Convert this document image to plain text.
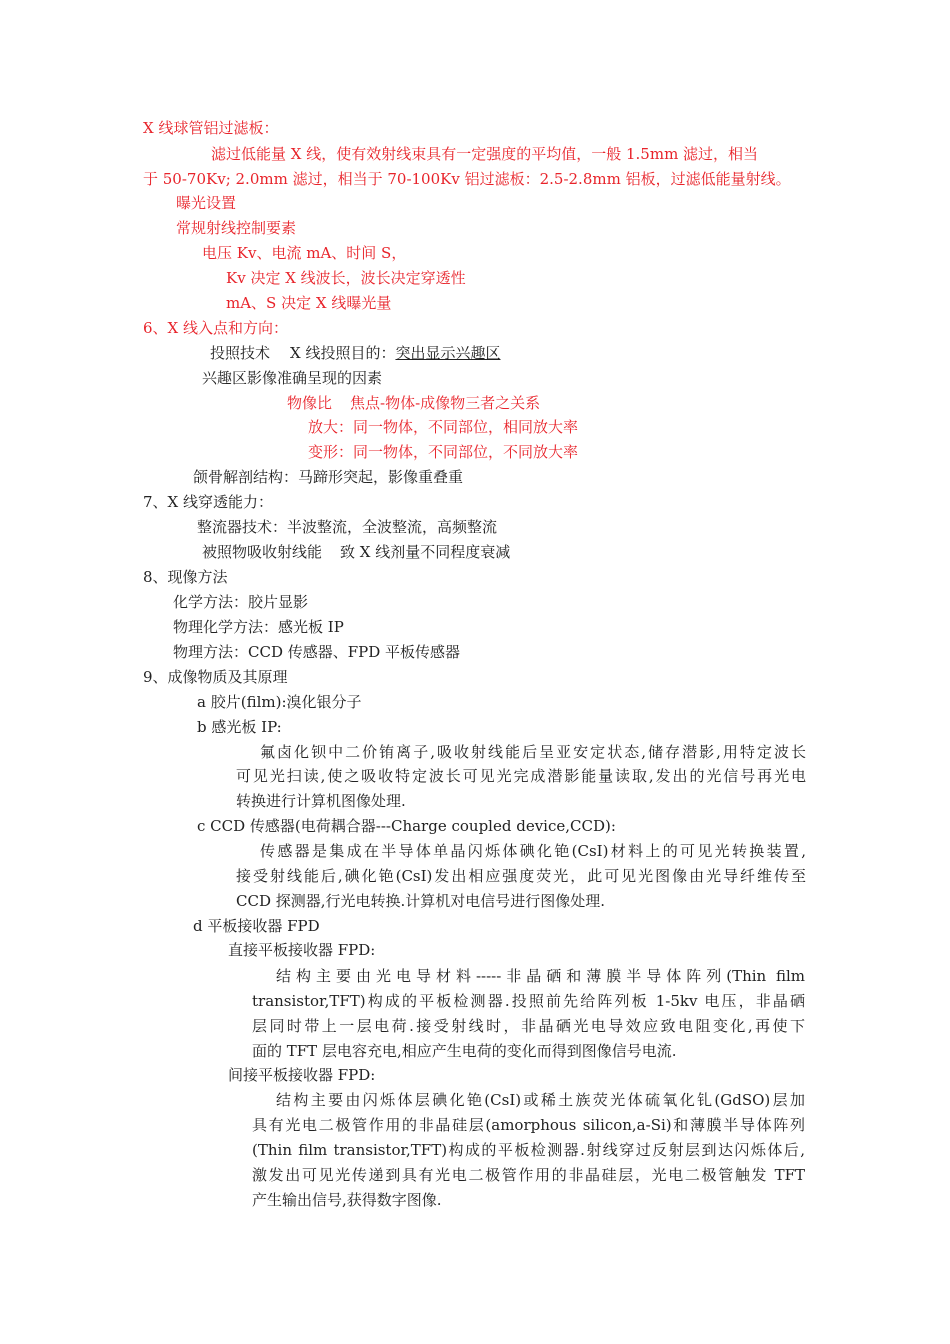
X 线球管铝过滤板：
滤过低能量 X 线，使有效射线束具有一定强度的平均值，一般 1.5mm 滤过，相当
于 50-70Kv; 2.0mm 滤过，相当于 70-100Kv 铝过滤板：2.5-2.8mm 铝板，过滤低能量射线。
曝光设置
常规射线控制要素
电压 Kv、电流 mA、时间 S，
Kv 决定 X 线波长，波长决定穿透性
mA、S 决定 X 线曝光量
6、X 线入点和方向：
投照技术 X 线投照目的：突出显示兴趣区
兴趣区影像准确呈现的因素
物像比 焦点-物体-成像物三者之关系
放大：同一物体，不同部位，相同放大率
变形：同一物体，不同部位，不同放大率
颌骨解剖结构：马蹄形突起，影像重叠重
7、X 线穿透能力：
整流器技术：半波整流，全波整流，高频整流
被照物吸收射线能 致 X 线剂量不同程度衰减
8、现像方法
化学方法：胶片显影
物理化学方法：感光板 IP
物理方法：CCD 传感器、FPD 平板传感器
9、成像物质及其原理
a 胶片(film):溴化银分子
b 感光板 IP:
氟卤化钡中二价铕离子,吸收射线能后呈亚安定状态,储存潜影,用特定波长
可见光扫读,使之吸收特定波长可见光完成潜影能量读取,发出的光信号再光电
转换进行计算机图像处理.
c CCD 传感器(电荷耦合器---Charge coupled device,CCD):
传感器是集成在半导体单晶闪烁体碘化铯(CsI)材料上的可见光转换装置,
接受射线能后,碘化铯(CsI)发出相应强度荧光，此可见光图像由光导纤维传至
CCD 探测器,行光电转换.计算机对电信号进行图像处理.
d 平板接收器 FPD
直接平板接收器 FPD:
结构主要由光电导材料-----非晶硒和薄膜半导体阵列(Thin film
transistor,TFT)构成的平板检测器.投照前先给阵列板 1-5kv 电压，非晶硒
层同时带上一层电荷.接受射线时，非晶硒光电导效应致电阻变化,再使下
面的 TFT 层电容充电,相应产生电荷的变化而得到图像信号电流.
间接平板接收器 FPD:
结构主要由闪烁体层碘化铯(CsI)或稀土族荧光体硫氧化钆(GdSO)层加
具有光电二极管作用的非晶硅层(amorphous silicon,a-Si)和薄膜半导体阵列
(Thin film transistor,TFT)构成的平板检测器.射线穿过反射层到达闪烁体后,
激发出可见光传递到具有光电二极管作用的非晶硅层，光电二极管触发 TFT
产生输出信号,获得数字图像.
